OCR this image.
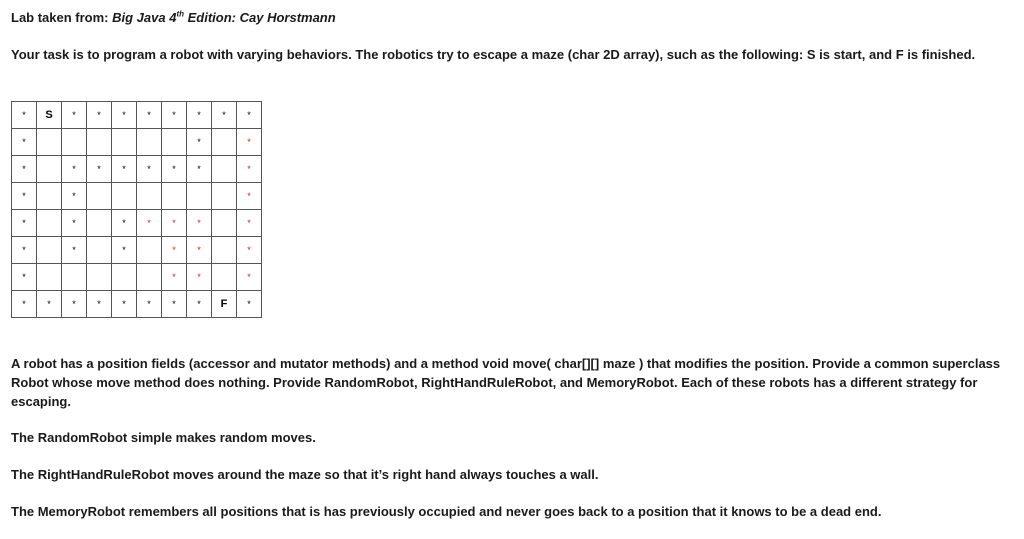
Lab taken from: Big Java 4th Edition: Cay Horstmann
Your task is to program a robot with varying behaviors. The robotics try to escape a maze (char 2D array), such as the following: S is start, and F is finished.
*	S	*	*	*	*	*	*	*	*
*							*		*
*		*	*	*	*	*	*		*
*		*							*
*		*		*	*	*	*		*
*		*		*		*	*		*
*						*	*		*
*	*	*	*	*	*	*	*	F	*
A robot has a position fields (accessor and mutator methods) and a method void move( char[][] maze ) that modifies the position. Provide a common superclass Robot whose move method does nothing. Provide RandomRobot, RightHandRuleRobot, and MemoryRobot. Each of these robots has a different strategy for escaping.
The RandomRobot simple makes random moves.
The RightHandRuleRobot moves around the maze so that it’s right hand always touches a wall.
The MemoryRobot remembers all positions that is has previously occupied and never goes back to a position that it knows to be a dead end.
